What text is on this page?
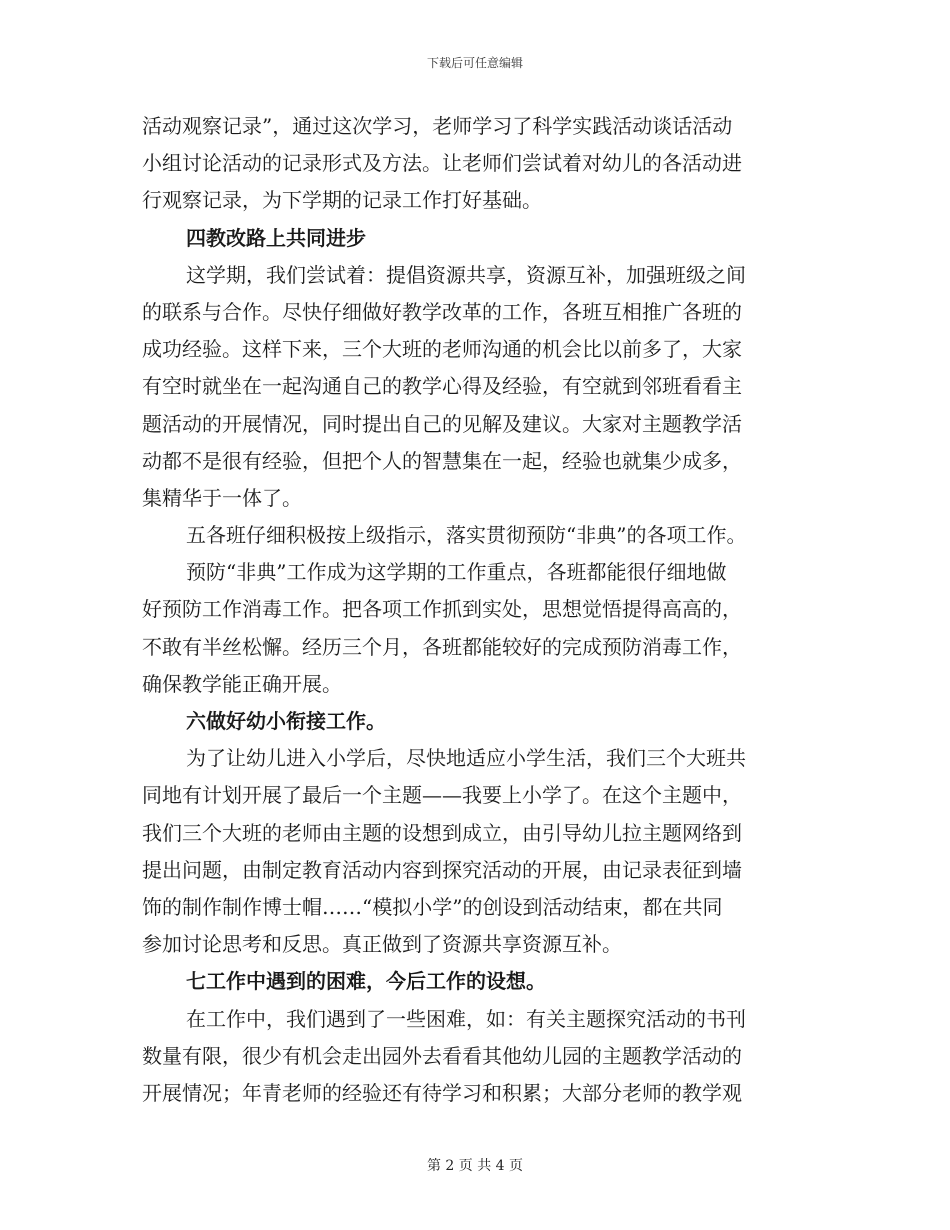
下载后可任意编辑
活动观察记录”，通过这次学习，老师学习了科学实践活动谈话活动
小组讨论活动的记录形式及方法。让老师们尝试着对幼儿的各活动进
行观察记录，为下学期的记录工作打好基础。
四教改路上共同进步
这学期，我们尝试着：提倡资源共享，资源互补，加强班级之间
的联系与合作。尽快仔细做好教学改革的工作，各班互相推广各班的
成功经验。这样下来，三个大班的老师沟通的机会比以前多了，大家
有空时就坐在一起沟通自己的教学心得及经验，有空就到邻班看看主
题活动的开展情况，同时提出自己的见解及建议。大家对主题教学活
动都不是很有经验，但把个人的智慧集在一起，经验也就集少成多，
集精华于一体了。
五各班仔细积极按上级指示，落实贯彻预防“非典”的各项工作。
预防“非典”工作成为这学期的工作重点，各班都能很仔细地做
好预防工作消毒工作。把各项工作抓到实处，思想觉悟提得高高的，
不敢有半丝松懈。经历三个月，各班都能较好的完成预防消毒工作，
确保教学能正确开展。
六做好幼小衔接工作。
为了让幼儿进入小学后，尽快地适应小学生活，我们三个大班共
同地有计划开展了最后一个主题——我要上小学了。在这个主题中，
我们三个大班的老师由主题的设想到成立，由引导幼儿拉主题网络到
提出问题，由制定教育活动内容到探究活动的开展，由记录表征到墙
饰的制作制作博士帽……“模拟小学”的创设到活动结束，都在共同
参加讨论思考和反思。真正做到了资源共享资源互补。
七工作中遇到的困难，今后工作的设想。
在工作中，我们遇到了一些困难，如：有关主题探究活动的书刊
数量有限，很少有机会走出园外去看看其他幼儿园的主题教学活动的
开展情况；年青老师的经验还有待学习和积累；大部分老师的教学观
第 2 页 共 4 页
